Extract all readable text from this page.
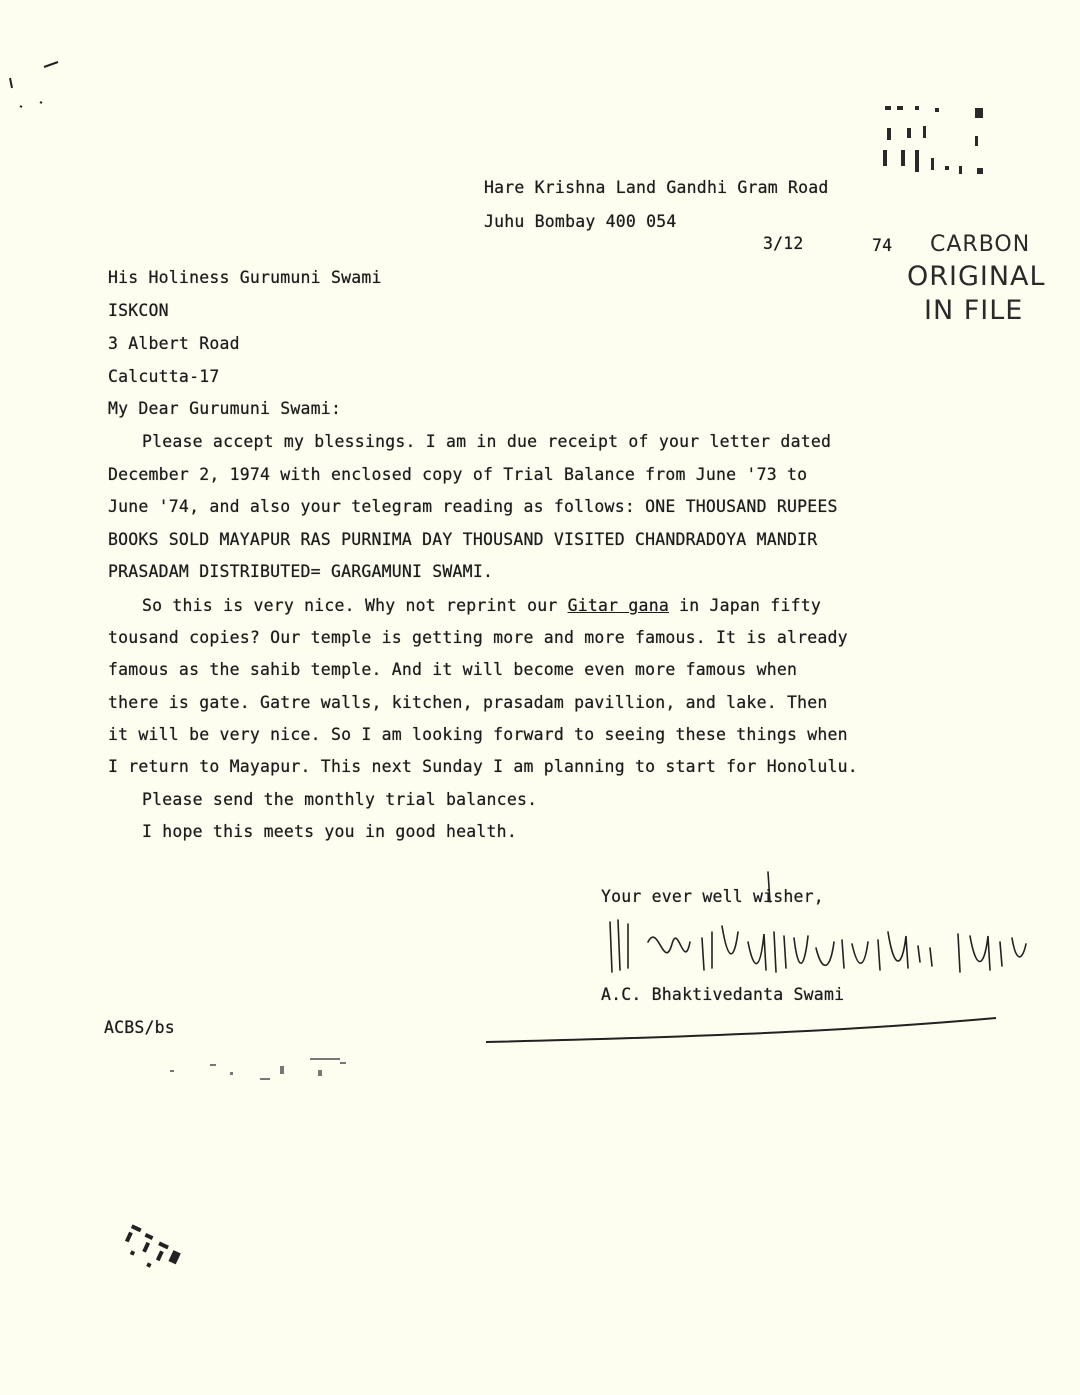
Hare Krishna Land Gandhi Gram Road
Juhu Bombay 400 054
3/12	74 CARBON
ORIGINAL
IN FILE
His Holiness Gurumuni Swami
ISKCON
3 Albert Road
Calcutta-17
My Dear Gurumuni Swami:
Please accept my blessings. I am in due receipt of your letter dated
December 2, 1974 with enclosed copy of Trial Balance from June '73 to
June '74, and also your telegram reading as follows: ONE THOUSAND RUPEES
BOOKS SOLD MAYAPUR RAS PURNIMA DAY THOUSAND VISITED CHANDRADOYA MANDIR
PRASADAM DISTRIBUTED= GARGAMUNI SWAMI.
So this is very nice. Why not reprint our Gitar gana in Japan fifty
tousand copies? Our temple is getting more and more famous. It is already
famous as the sahib temple. And it will become even more famous when
there is gate. Gatre walls, kitchen, prasadam pavillion, and lake. Then
it will be very nice. So I am looking forward to seeing these things when
I return to Mayapur. This next Sunday I am planning to start for Honolulu.
Please send the monthly trial balances.
I hope this meets you in good health.
Your ever well wisher,
A.C. Bhaktivedanta Swami
ACBS/bs
